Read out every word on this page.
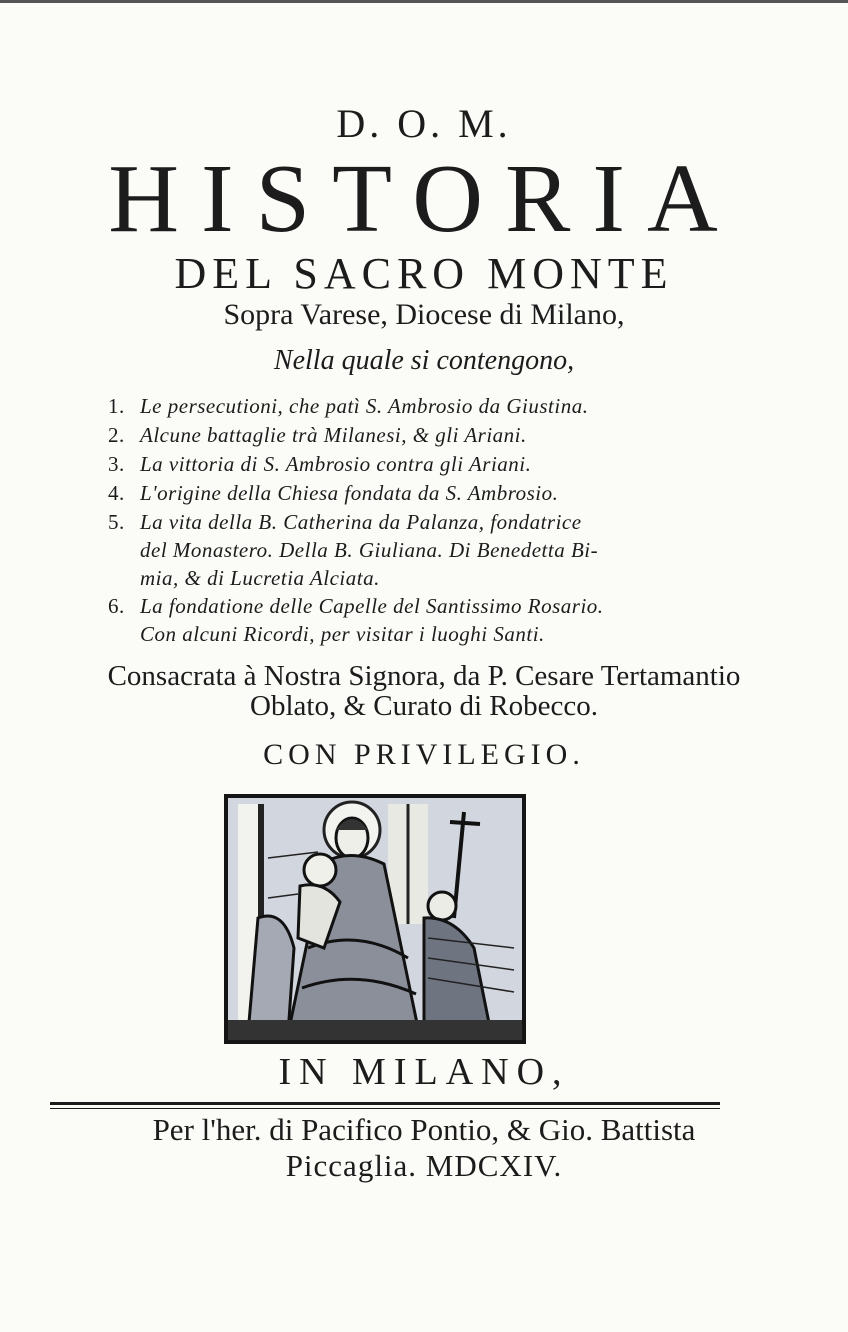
D. O. M.
HISTORIA
DEL SACRO MONTE
Sopra Varese, Diocese di Milano,
Nella quale si contengono,
1. Le persecutioni, che patì S. Ambrosio da Giustina.
2. Alcune battaglie trà Milanesi, & gli Ariani.
3. La vittoria di S. Ambrosio contra gli Ariani.
4. L'origine della Chiesa fondata da S. Ambrosio.
5. La vita della B. Catherina da Palanza, fondatrice
del Monastero. Della B. Giuliana. Di Benedetta Bi-
mia, & di Lucretia Alciata.
6. La fondatione delle Capelle del Santissimo Rosario.
Con alcuni Ricordi, per visitar i luoghi Santi.
Consacrata à Nostra Signora, da P. Cesare Tertamantio
Oblato, & Curato di Robecco.
CON PRIVILEGIO.
IN MILANO,
Per l'her. di Pacifico Pontio, & Gio. Battista
Piccaglia. MDCXIV.
